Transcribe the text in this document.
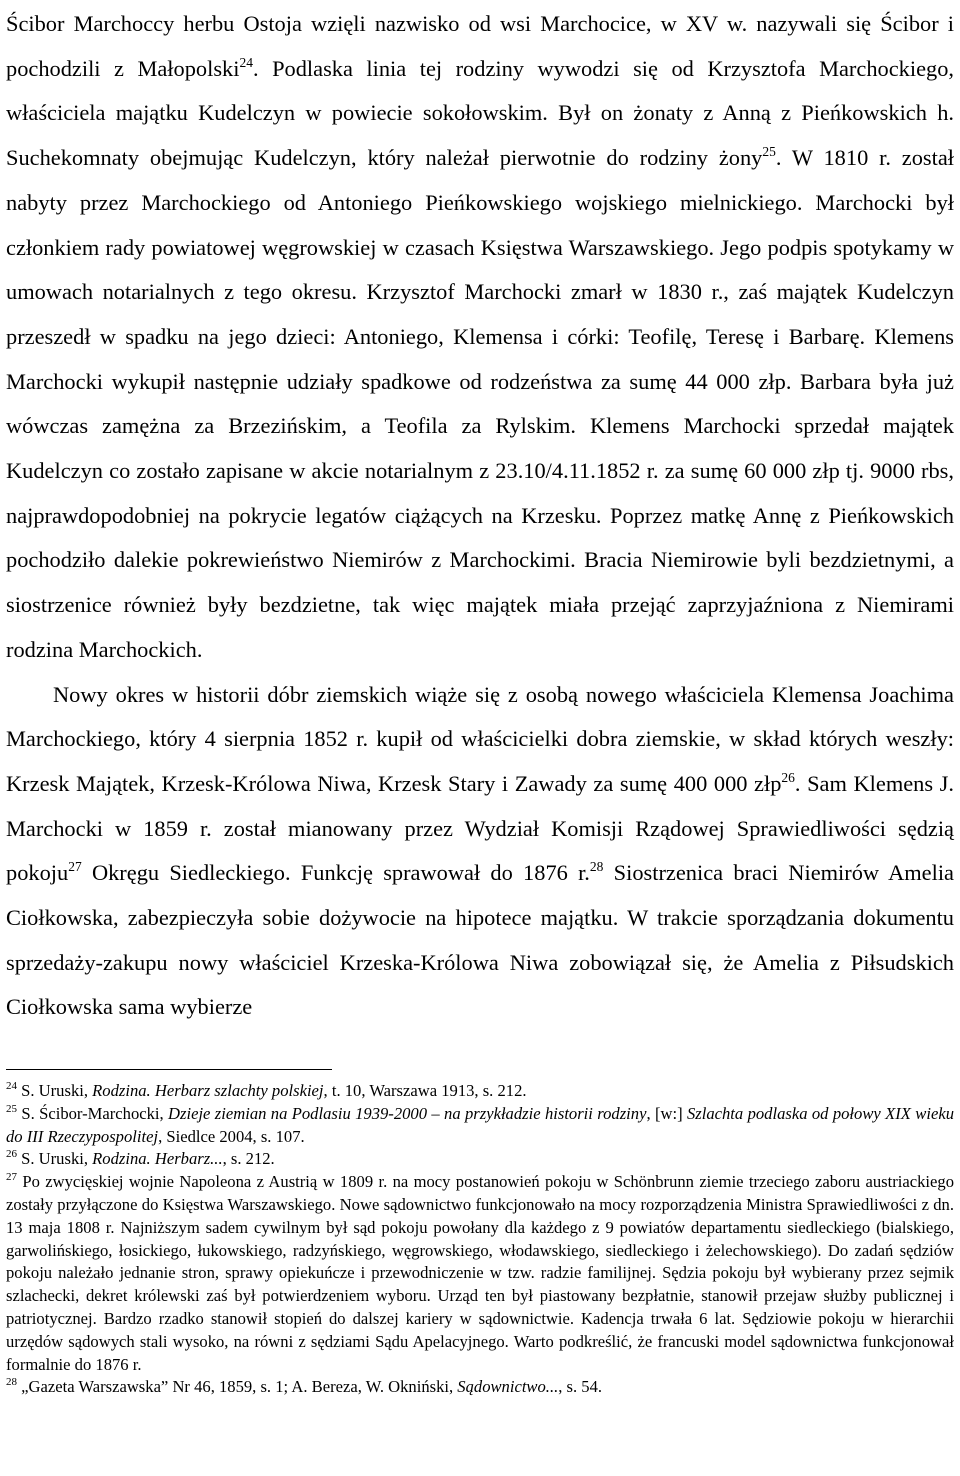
Ścibor Marchoccy herbu Ostoja wzięli nazwisko od wsi Marchocice, w XV w. nazywali się Ścibor i pochodzili z Małopolski$^{24}$. Podlaska linia tej rodziny wywodzi się od Krzysztofa Marchockiego, właściciela majątku Kudelczyn w powiecie sokołowskim. Był on żonaty z Anną z Pieńkowskich h. Suchekomnaty obejmując Kudelczyn, który należał pierwotnie do rodziny żony$^{25}$. W 1810 r. został nabyty przez Marchockiego od Antoniego Pieńkowskiego wojskiego mielnickiego. Marchocki był członkiem rady powiatowej węgrowskiej w czasach Księstwa Warszawskiego. Jego podpis spotykamy w umowach notarialnych z tego okresu. Krzysztof Marchocki zmarł w 1830 r., zaś majątek Kudelczyn przeszedł w spadku na jego dzieci: Antoniego, Klemensa i córki: Teofilę, Teresę i Barbarę. Klemens Marchocki wykupił następnie udziały spadkowe od rodzeństwa za sumę 44 000 złp. Barbara była już wówczas zamężna za Brzezińskim, a Teofila za Rylskim. Klemens Marchocki sprzedał majątek Kudelczyn co zostało zapisane w akcie notarialnym z 23.10/4.11.1852 r. za sumę 60 000 złp tj. 9000 rbs, najprawdopodobniej na pokrycie legatów ciążących na Krzesku. Poprzez matkę Annę z Pieńkowskich pochodziło dalekie pokrewieństwo Niemirów z Marchockimi. Bracia Niemirowie byli bezdzietnymi, a siostrzenice również były bezdzietne, tak więc majątek miała przejąć zaprzyjaźniona z Niemirami rodzina Marchockich.

Nowy okres w historii dóbr ziemskich wiąże się z osobą nowego właściciela Klemensa Joachima Marchockiego, który 4 sierpnia 1852 r. kupił od właścicielki dobra ziemskie, w skład których weszły: Krzesk Majątek, Krzesk-Królowa Niwa, Krzesk Stary i Zawady za sumę 400 000 złp$^{26}$. Sam Klemens J. Marchocki w 1859 r. został mianowany przez Wydział Komisji Rządowej Sprawiedliwości sędzią pokoju$^{27}$ Okręgu Siedleckiego. Funkcję sprawował do 1876 r.$^{28}$ Siostrzenica braci Niemirów Amelia Ciołkowska, zabezpieczyła sobie dożywocie na hipotece majątku. W trakcie sporządzania dokumentu sprzedaży-zakupu nowy właściciel Krzeska-Królowa Niwa zobowiązał się, że Amelia z Piłsudskich Ciołkowska sama wybierze

$^{24}$ S. Uruski, Rodzina. Herbarz szlachty polskiej, t. 10, Warszawa 1913, s. 212.

$^{25}$ S. Ścibor-Marchocki, Dzieje ziemian na Podlasiu 1939-2000 – na przykładzie historii rodziny, [w:] Szlachta podlaska od połowy XIX wieku do III Rzeczypospolitej, Siedlce 2004, s. 107.

$^{26}$ S. Uruski, Rodzina. Herbarz..., s. 212.

$^{27}$ Po zwycięskiej wojnie Napoleona z Austrią w 1809 r. na mocy postanowień pokoju w Schönbrunn ziemie trzeciego zaboru austriackiego zostały przyłączone do Księstwa Warszawskiego. Nowe sądownictwo funkcjonowało na mocy rozporządzenia Ministra Sprawiedliwości z dn. 13 maja 1808 r. Najniższym sadem cywilnym był sąd pokoju powołany dla każdego z 9 powiatów departamentu siedleckiego (bialskiego, garwolińskiego, łosickiego, łukowskiego, radzyńskiego, węgrowskiego, włodawskiego, siedleckiego i żelechowskiego). Do zadań sędziów pokoju należało jednanie stron, sprawy opiekuńcze i przewodniczenie w tzw. radzie familijnej. Sędzia pokoju był wybierany przez sejmik szlachecki, dekret królewski zaś był potwierdzeniem wyboru. Urząd ten był piastowany bezpłatnie, stanowił przejaw służby publicznej i patriotycznej. Bardzo rzadko stanowił stopień do dalszej kariery w sądownictwie. Kadencja trwała 6 lat. Sędziowie pokoju w hierarchii urzędów sądowych stali wysoko, na równi z sędziami Sądu Apelacyjnego. Warto podkreślić, że francuski model sądownictwa funkcjonował formalnie do 1876 r.

$^{28}$ „Gazeta Warszawska” Nr 46, 1859, s. 1; A. Bereza, W. Okniński, Sądownictwo..., s. 54.
